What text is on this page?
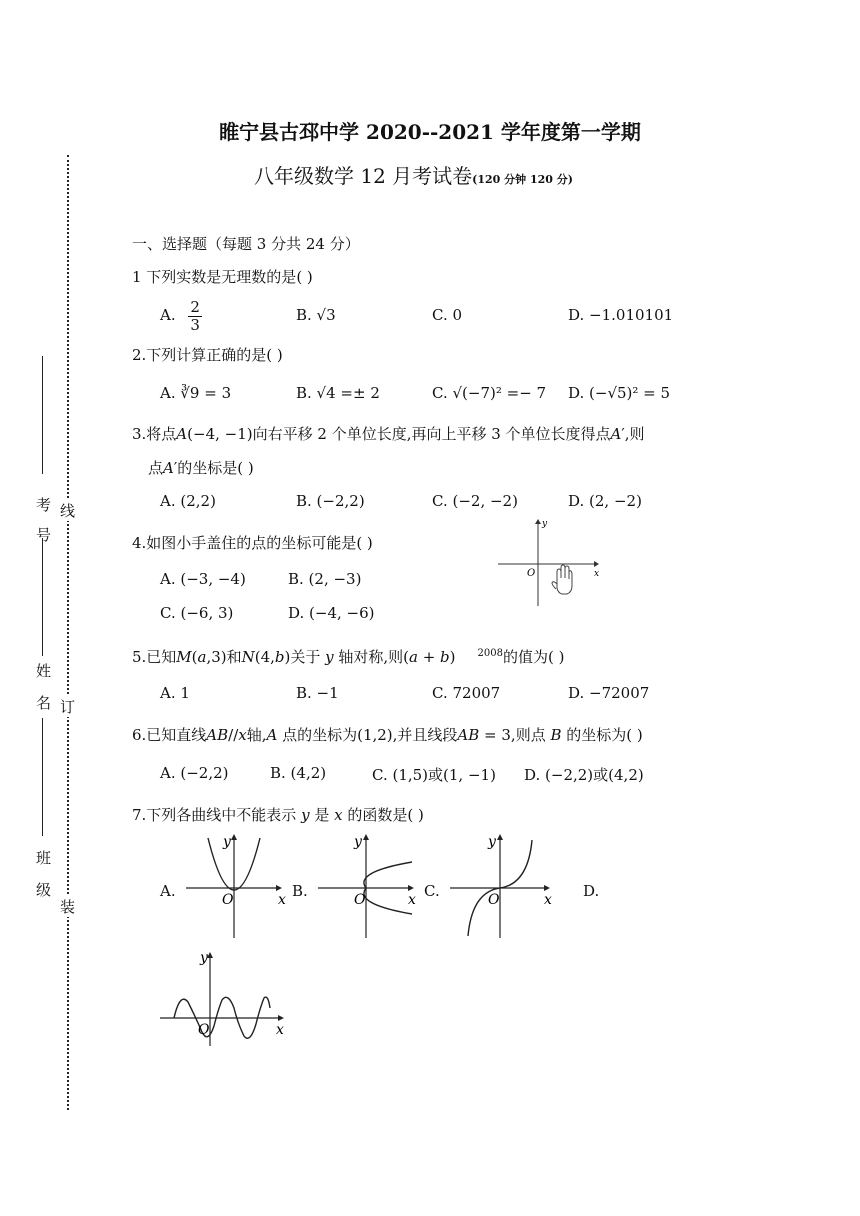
睢宁县古邳中学 2020--2021 学年度第一学期
八年级数学 12 月考试卷(120 分钟 120 分)
考号
姓名
班级
线
订
装
一、选择题（每题 3 分共 24 分）
1 下列实数是无理数的是( )
A. $\frac{2}{3}$	B. √3	C. 0	D. −1.010101
2.下列计算正确的是( )
A. ∛9 = 3	B. √4 =± 2	C. √(−7)² =− 7 D. (−√5)² = 5
3.将点𝐴(−4, −1)向右平移 2 个单位长度,再向上平移 3 个单位长度得点𝐴′,则
点𝐴′的坐标是( )
A. (2,2)	B. (−2,2)	C. (−2, −2)	D. (2, −2)
4.如图小手盖住的点的坐标可能是( )
A. (−3, −4)	B. (2, −3)
C. (−6, 3)	D. (−4, −6)
y
x
O
5.已知𝑀(𝑎,3)和𝑁(4,𝑏)关于 𝑦 轴对称,则(𝑎 + 𝑏) $^{2008}$的值为( )
A. 1	B. −1	C. 72007	D. −72007
6.已知直线𝐴𝐵//𝑥轴,𝐴 点的坐标为(1,2),并且线段𝐴𝐵 = 3,则点 𝐵 的坐标为( )
A. (−2,2)	B. (4,2)	C. (1,5)或(1, −1) D. (−2,2)或(4,2)
7.下列各曲线中不能表示 𝑦 是 𝑥 的函数是( )
A.	B.	C.	D.
y
x
O
y
x
O
y
x
O
y
x
O
